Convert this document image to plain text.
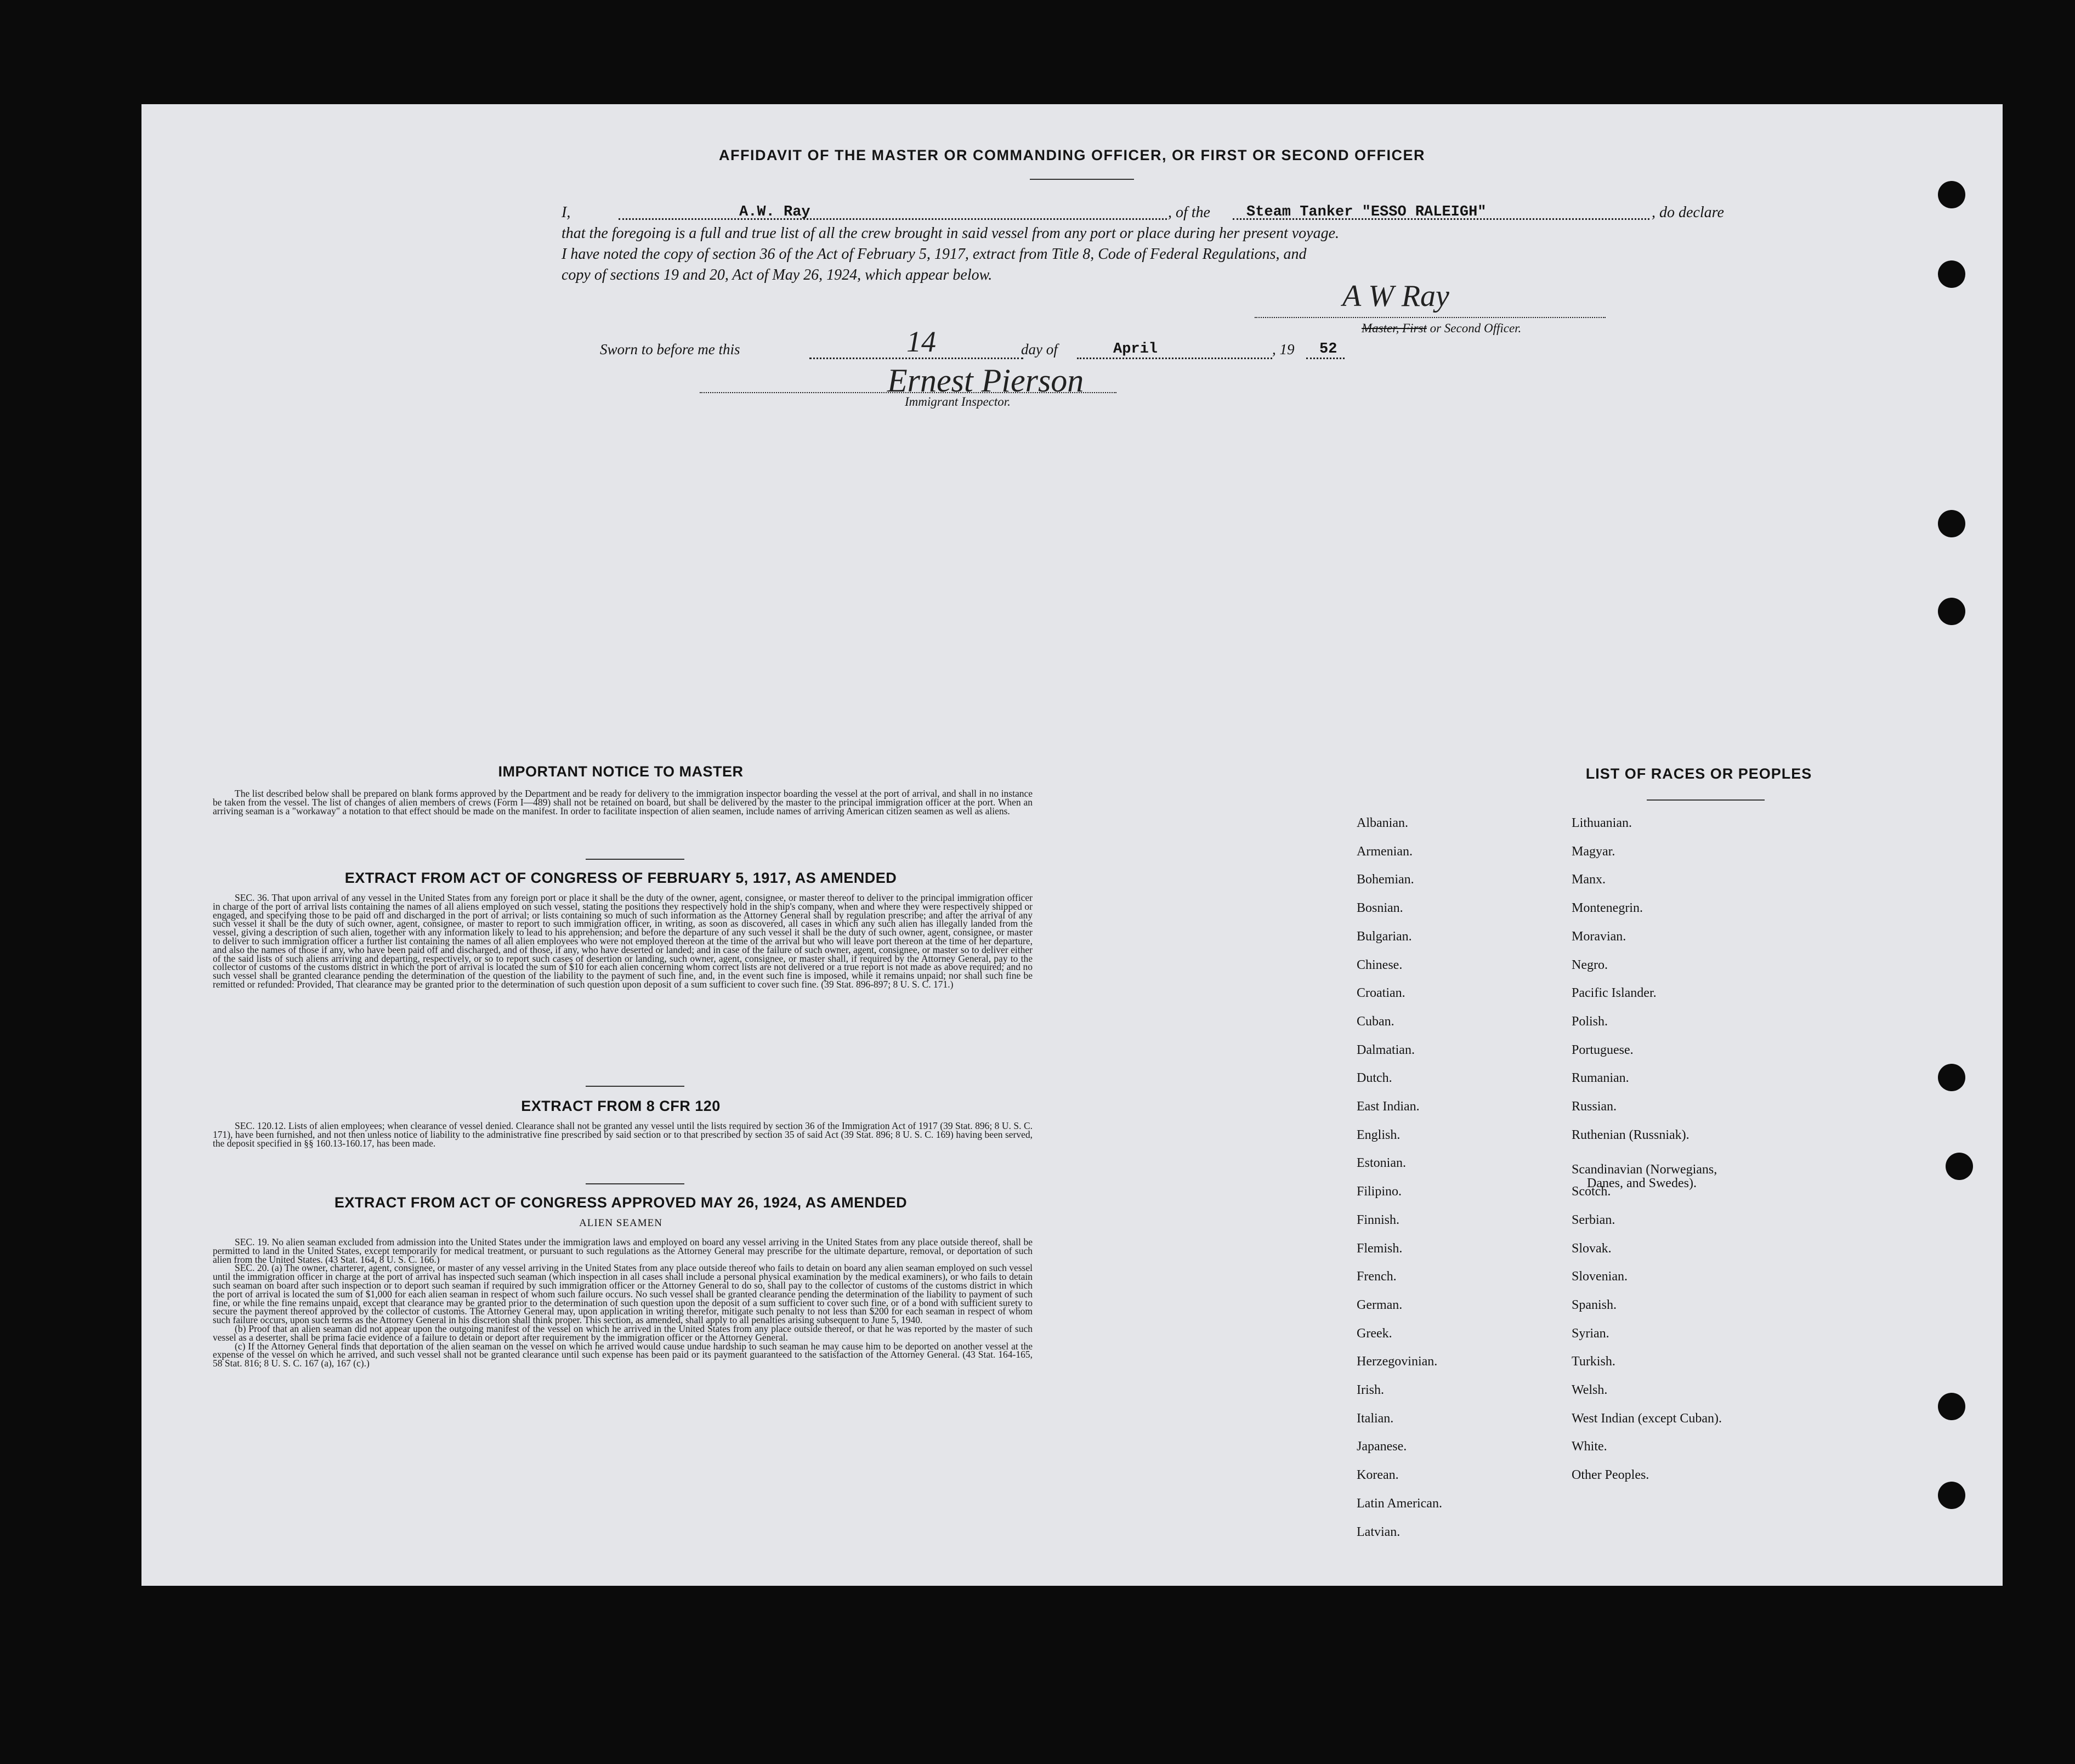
AFFIDAVIT OF THE MASTER OR COMMANDING OFFICER, OR FIRST OR SECOND OFFICER
I,	A.W. Ray	, of the Steam Tanker "ESSO RALEIGH"	, do declare
that the foregoing is a full and true list of all the crew brought in said vessel from any port or place during her present voyage.
I have noted the copy of section 36 of the Act of February 5, 1917, extract from Title 8, Code of Federal Regulations, and
copy of sections 19 and 20, Act of May 26, 1924, which appear below.
A W Ray
Master, First or Second Officer.
Sworn to before me this	14	day of	April	, 19 52
Ernest Pierson
Immigrant Inspector.
IMPORTANT NOTICE TO MASTER

The list described below shall be prepared on blank forms approved by the Department and be ready for delivery to the immigration inspector boarding the vessel at the port of arrival, and shall in no instance be taken from the vessel. The list of changes of alien members of crews (Form I—489) shall not be retained on board, but shall be delivered by the master to the principal immigration officer at the port. When an arriving seaman is a "workaway" a notation to that effect should be made on the manifest. In order to facilitate inspection of alien seamen, include names of arriving American citizen seamen as well as aliens.

EXTRACT FROM ACT OF CONGRESS OF FEBRUARY 5, 1917, AS AMENDED

SEC. 36. That upon arrival of any vessel in the United States from any foreign port or place it shall be the duty of the owner, agent, consignee, or master thereof to deliver to the principal immigration officer in charge of the port of arrival lists containing the names of all aliens employed on such vessel, stating the positions they respectively hold in the ship's company, when and where they were respectively shipped or engaged, and specifying those to be paid off and discharged in the port of arrival; or lists containing so much of such information as the Attorney General shall by regulation prescribe; and after the arrival of any such vessel it shall be the duty of such owner, agent, consignee, or master to report to such immigration officer, in writing, as soon as discovered, all cases in which any such alien has illegally landed from the vessel, giving a description of such alien, together with any information likely to lead to his apprehension; and before the departure of any such vessel it shall be the duty of such owner, agent, consignee, or master to deliver to such immigration officer a further list containing the names of all alien employees who were not employed thereon at the time of the arrival but who will leave port thereon at the time of her departure, and also the names of those if any, who have been paid off and discharged, and of those, if any, who have deserted or landed; and in case of the failure of such owner, agent, consignee, or master so to deliver either of the said lists of such aliens arriving and departing, respectively, or so to report such cases of desertion or landing, such owner, agent, consignee, or master shall, if required by the Attorney General, pay to the collector of customs of the customs district in which the port of arrival is located the sum of $10 for each alien concerning whom correct lists are not delivered or a true report is not made as above required; and no such vessel shall be granted clearance pending the determination of the question of the liability to the payment of such fine, and, in the event such fine is imposed, while it remains unpaid; nor shall such fine be remitted or refunded: Provided, That clearance may be granted prior to the determination of such question upon deposit of a sum sufficient to cover such fine. (39 Stat. 896-897; 8 U. S. C. 171.)

EXTRACT FROM 8 CFR 120

SEC. 120.12. Lists of alien employees; when clearance of vessel denied. Clearance shall not be granted any vessel until the lists required by section 36 of the Immigration Act of 1917 (39 Stat. 896; 8 U. S. C. 171), have been furnished, and not then unless notice of liability to the administrative fine prescribed by said section or to that prescribed by section 35 of said Act (39 Stat. 896; 8 U. S. C. 169) having been served, the deposit specified in §§ 160.13-160.17, has been made.

EXTRACT FROM ACT OF CONGRESS APPROVED MAY 26, 1924, AS AMENDED
ALIEN SEAMEN

SEC. 19. No alien seaman excluded from admission into the United States under the immigration laws and employed on board any vessel arriving in the United States from any place outside thereof, shall be permitted to land in the United States, except temporarily for medical treatment, or pursuant to such regulations as the Attorney General may prescribe for the ultimate departure, removal, or deportation of such alien from the United States. (43 Stat. 164, 8 U. S. C. 166.)

SEC. 20. (a) The owner, charterer, agent, consignee, or master of any vessel arriving in the United States from any place outside thereof who fails to detain on board any alien seaman employed on such vessel until the immigration officer in charge at the port of arrival has inspected such seaman (which inspection in all cases shall include a personal physical examination by the medical examiners), or who fails to detain such seaman on board after such inspection or to deport such seaman if required by such immigration officer or the Attorney General to do so, shall pay to the collector of customs of the customs district in which the port of arrival is located the sum of $1,000 for each alien seaman in respect of whom such failure occurs. No such vessel shall be granted clearance pending the determination of the liability to payment of such fine, or while the fine remains unpaid, except that clearance may be granted prior to the determination of such question upon the deposit of a sum sufficient to cover such fine, or of a bond with sufficient surety to secure the payment thereof approved by the collector of customs. The Attorney General may, upon application in writing therefor, mitigate such penalty to not less than $200 for each seaman in respect of whom such failure occurs, upon such terms as the Attorney General in his discretion shall think proper. This section, as amended, shall apply to all penalties arising subsequent to June 5, 1940.

(b) Proof that an alien seaman did not appear upon the outgoing manifest of the vessel on which he arrived in the United States from any place outside thereof, or that he was reported by the master of such vessel as a deserter, shall be prima facie evidence of a failure to detain or deport after requirement by the immigration officer or the Attorney General.

(c) If the Attorney General finds that deportation of the alien seaman on the vessel on which he arrived would cause undue hardship to such seaman he may cause him to be deported on another vessel at the expense of the vessel on which he arrived, and such vessel shall not be granted clearance until such expense has been paid or its payment guaranteed to the satisfaction of the Attorney General. (43 Stat. 164-165, 58 Stat. 816; 8 U. S. C. 167 (a), 167 (c).)

LIST OF RACES OR PEOPLES
Albanian.
Armenian.
Bohemian.
Bosnian.
Bulgarian.
Chinese.
Croatian.
Cuban.
Dalmatian.
Dutch.
East Indian.
English.
Estonian.
Filipino.
Finnish.
Flemish.
French.
German.
Greek.
Herzegovinian.
Irish.
Italian.
Japanese.
Korean.
Latin American.
Latvian.
Lithuanian.
Magyar.
Manx.
Montenegrin.
Moravian.
Negro.
Pacific Islander.
Polish.
Portuguese.
Rumanian.
Russian.
Ruthenian (Russniak).
Scandinavian (Norwegians,
Danes, and Swedes).
Scotch.
Serbian.
Slovak.
Slovenian.
Spanish.
Syrian.
Turkish.
Welsh.
West Indian (except Cuban).
White.
Other Peoples.
